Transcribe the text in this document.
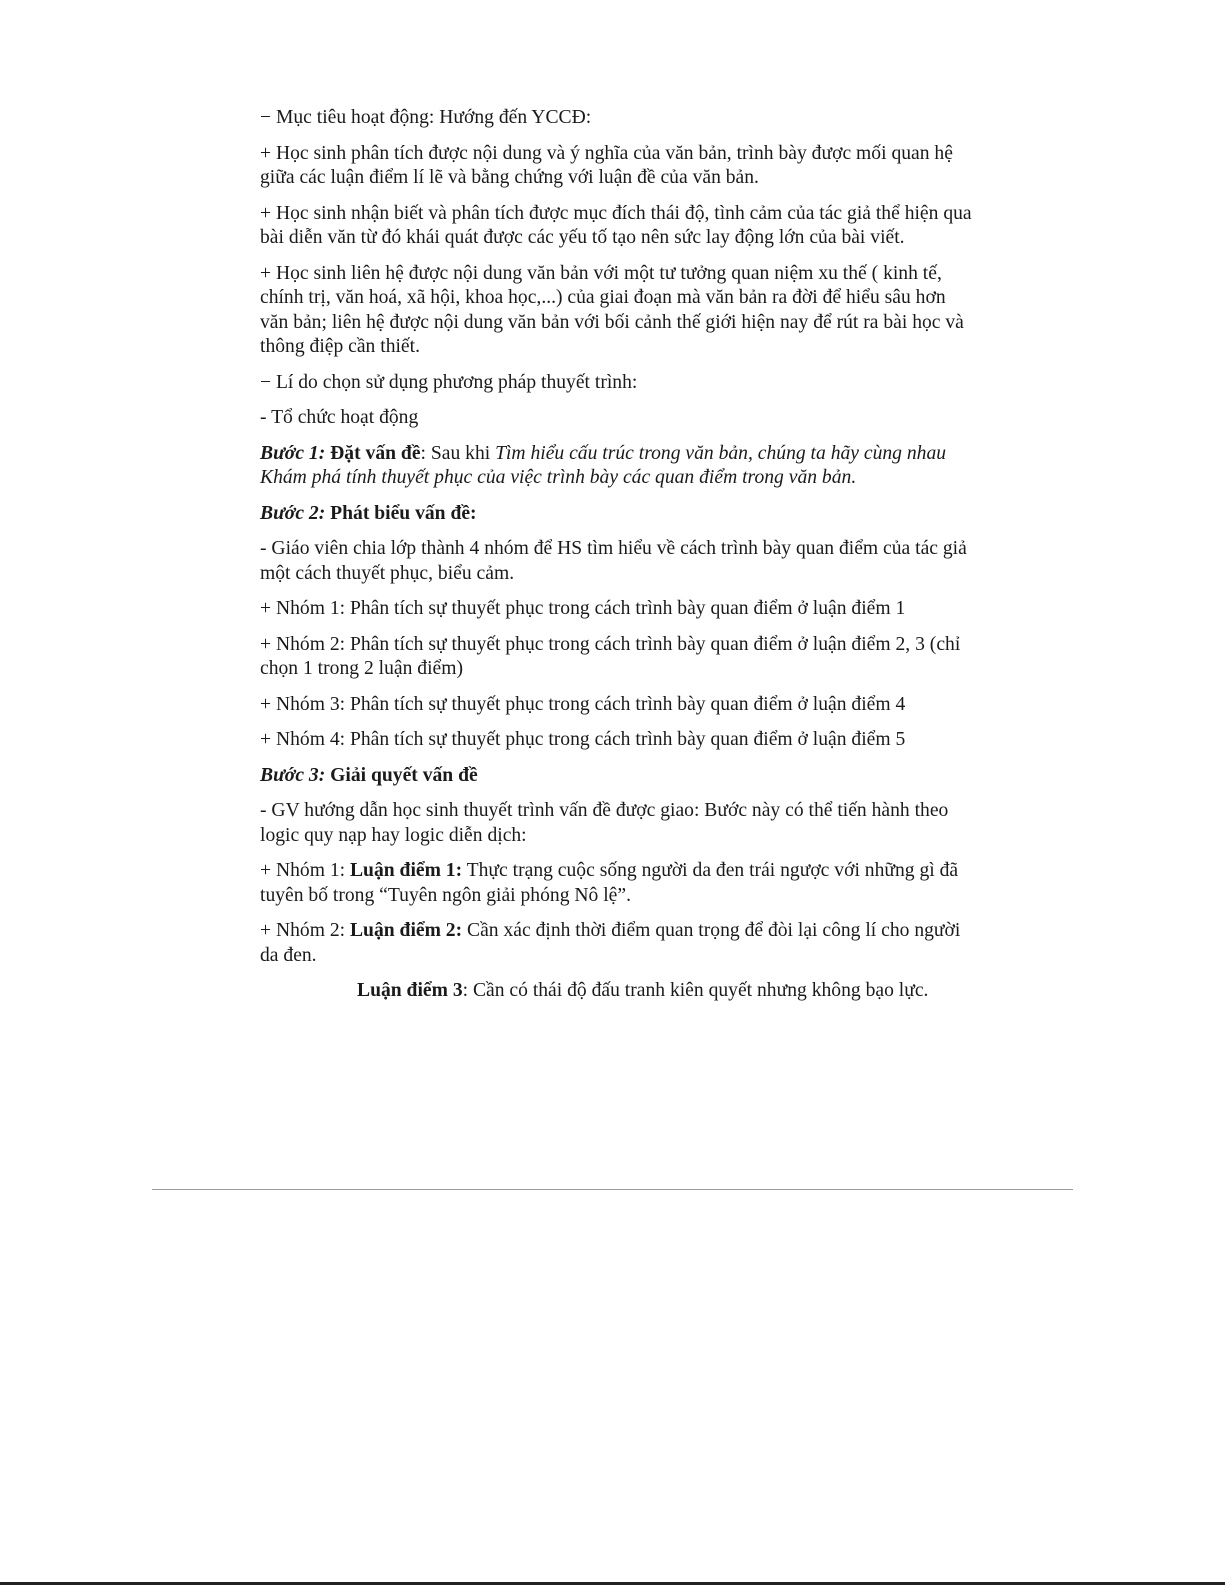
− Mục tiêu hoạt động: Hướng đến YCCĐ:

+ Học sinh phân tích được nội dung và ý nghĩa của văn bản, trình bày được mối quan hệ giữa các luận điểm lí lẽ và bằng chứng với luận đề của văn bản.

+ Học sinh nhận biết và phân tích được mục đích thái độ, tình cảm của tác giả thể hiện qua bài diễn văn từ đó khái quát được các yếu tố tạo nên sức lay động lớn của bài viết.

+ Học sinh liên hệ được nội dung văn bản với một tư tưởng quan niệm xu thế ( kinh tế, chính trị, văn hoá, xã hội, khoa học,...) của giai đoạn mà văn bản ra đời để hiểu sâu hơn văn bản; liên hệ được nội dung văn bản với bối cảnh thế giới hiện nay để rút ra bài học và thông điệp cần thiết.

− Lí do chọn sử dụng phương pháp thuyết trình:

- Tổ chức hoạt động

Bước 1: Đặt vấn đề: Sau khi Tìm hiểu cấu trúc trong văn bản, chúng ta hãy cùng nhau Khám phá tính thuyết phục của việc trình bày các quan điểm trong văn bản.

Bước 2: Phát biểu vấn đề:

- Giáo viên chia lớp thành 4 nhóm để HS tìm hiểu về cách trình bày quan điểm của tác giả một cách thuyết phục, biểu cảm.

+ Nhóm 1: Phân tích sự thuyết phục trong cách trình bày quan điểm ở luận điểm 1

+ Nhóm 2: Phân tích sự thuyết phục trong cách trình bày quan điểm ở luận điểm 2, 3 (chỉ chọn 1 trong 2 luận điểm)

+ Nhóm 3: Phân tích sự thuyết phục trong cách trình bày quan điểm ở luận điểm 4

+ Nhóm 4: Phân tích sự thuyết phục trong cách trình bày quan điểm ở luận điểm 5

Bước 3: Giải quyết vấn đề

- GV hướng dẫn học sinh thuyết trình vấn đề được giao: Bước này có thể tiến hành theo logic quy nạp hay logic diễn dịch:

+ Nhóm 1: Luận điểm 1: Thực trạng cuộc sống người da đen trái ngược với những gì đã tuyên bố trong “Tuyên ngôn giải phóng Nô lệ”.

+ Nhóm 2: Luận điểm 2: Cần xác định thời điểm quan trọng để đòi lại công lí cho người da đen.

Luận điểm 3: Cần có thái độ đấu tranh kiên quyết nhưng không bạo lực.
